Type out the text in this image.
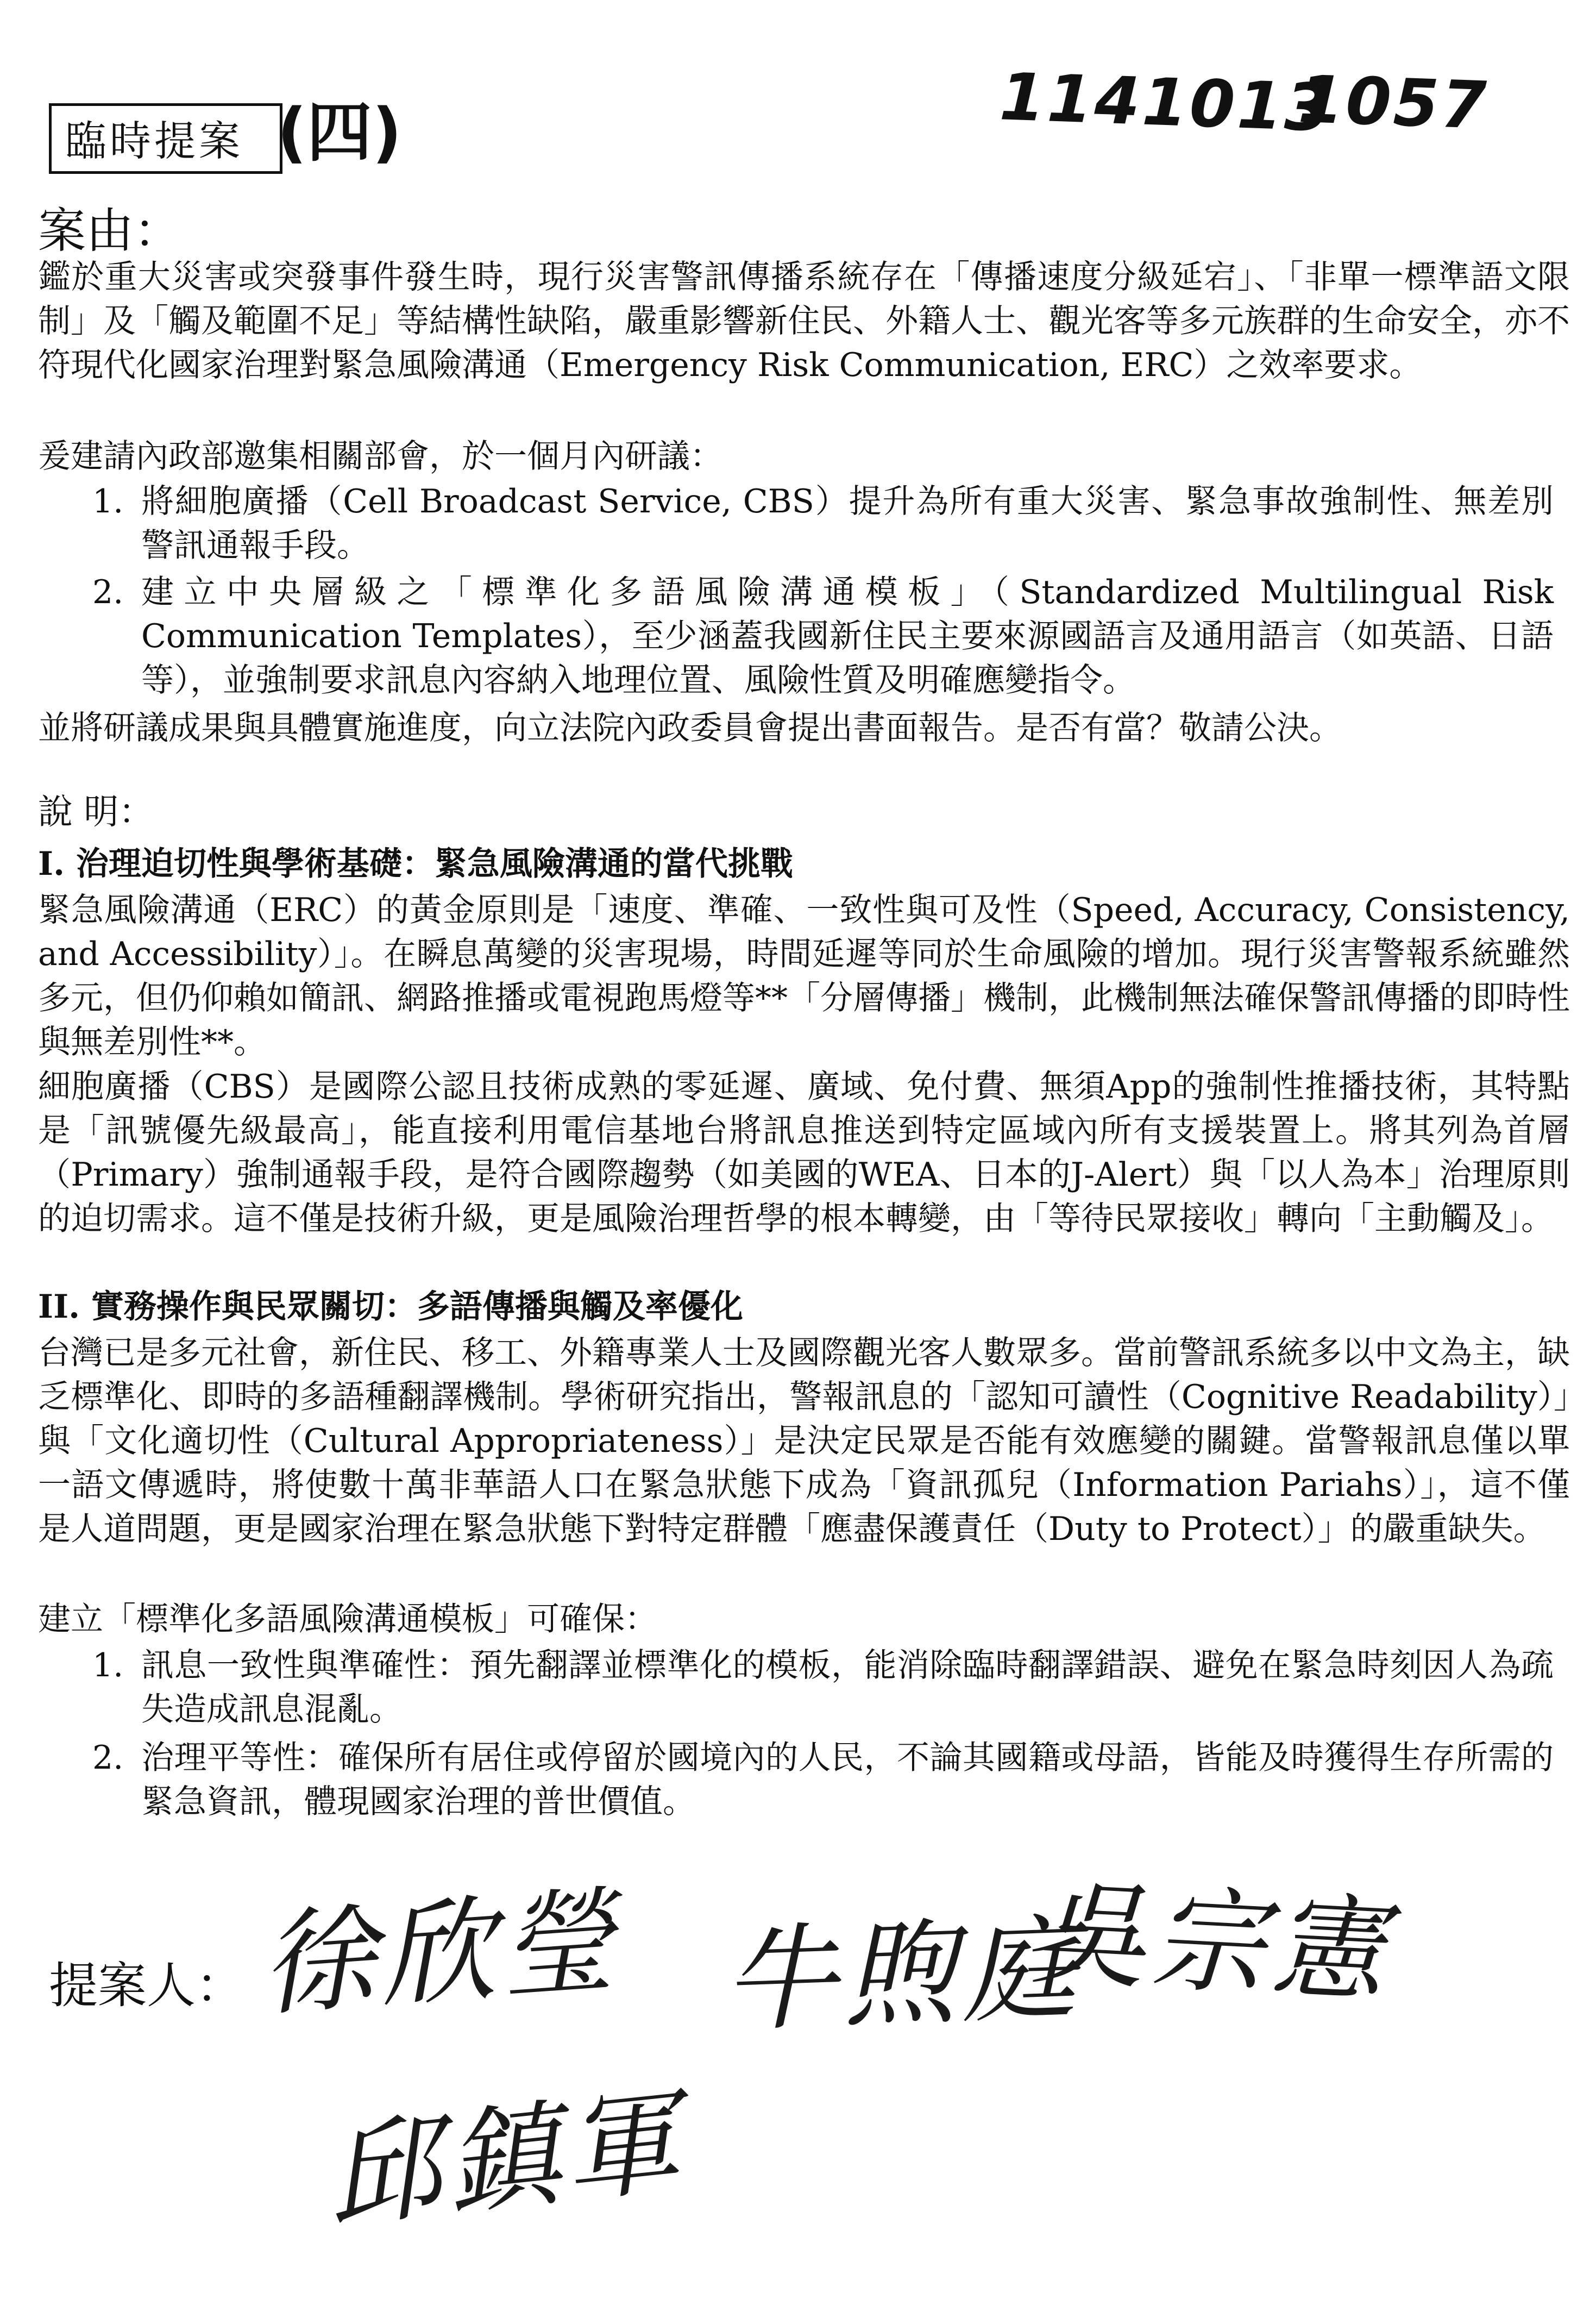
1141013
1057
臨時提案 (四)
案由：

鑑於重大災害或突發事件發生時，現行災害警訊傳播系統存在「傳播速度分級延宕」、「非單一標準語文限制」及「觸及範圍不足」等結構性缺陷，嚴重影響新住民、外籍人士、觀光客等多元族群的生命安全，亦不符現代化國家治理對緊急風險溝通（Emergency Risk Communication, ERC）之效率要求。

爰建請內政部邀集相關部會，於一個月內研議：

1. 將細胞廣播（Cell Broadcast Service, CBS）提升為所有重大災害、緊急事故強制性、無差別警訊通報手段。

2. 建立中央層級之「標準化多語風險溝通模板」（Standardized Multilingual Risk Communication Templates），至少涵蓋我國新住民主要來源國語言及通用語言（如英語、日語等），並強制要求訊息內容納入地理位置、風險性質及明確應變指令。

並將研議成果與具體實施進度，向立法院內政委員會提出書面報告。是否有當？敬請公決。

說 明：
I. 治理迫切性與學術基礎：緊急風險溝通的當代挑戰

緊急風險溝通（ERC）的黃金原則是「速度、準確、一致性與可及性（Speed, Accuracy, Consistency, and Accessibility）」。在瞬息萬變的災害現場，時間延遲等同於生命風險的增加。現行災害警報系統雖然多元，但仍仰賴如簡訊、網路推播或電視跑馬燈等**「分層傳播」機制，此機制無法確保警訊傳播的即時性與無差別性**。

細胞廣播（CBS）是國際公認且技術成熟的零延遲、廣域、免付費、無須App的強制性推播技術，其特點是「訊號優先級最高」，能直接利用電信基地台將訊息推送到特定區域內所有支援裝置上。將其列為首層（Primary）強制通報手段，是符合國際趨勢（如美國的WEA、日本的J-Alert）與「以人為本」治理原則的迫切需求。這不僅是技術升級，更是風險治理哲學的根本轉變，由「等待民眾接收」轉向「主動觸及」。

II. 實務操作與民眾關切：多語傳播與觸及率優化

台灣已是多元社會，新住民、移工、外籍專業人士及國際觀光客人數眾多。當前警訊系統多以中文為主，缺乏標準化、即時的多語種翻譯機制。學術研究指出，警報訊息的「認知可讀性（Cognitive Readability）」與「文化適切性（Cultural Appropriateness）」是決定民眾是否能有效應變的關鍵。當警報訊息僅以單一語文傳遞時，將使數十萬非華語人口在緊急狀態下成為「資訊孤兒（Information Pariahs）」，這不僅是人道問題，更是國家治理在緊急狀態下對特定群體「應盡保護責任（Duty to Protect）」的嚴重缺失。

建立「標準化多語風險溝通模板」可確保：

1. 訊息一致性與準確性：預先翻譯並標準化的模板，能消除臨時翻譯錯誤、避免在緊急時刻因人為疏失造成訊息混亂。

2. 治理平等性：確保所有居住或停留於國境內的人民，不論其國籍或母語，皆能及時獲得生存所需的緊急資訊，體現國家治理的普世價值。

提案人： 徐欣瑩 牛煦庭
吳宗憲
邱鎮軍
